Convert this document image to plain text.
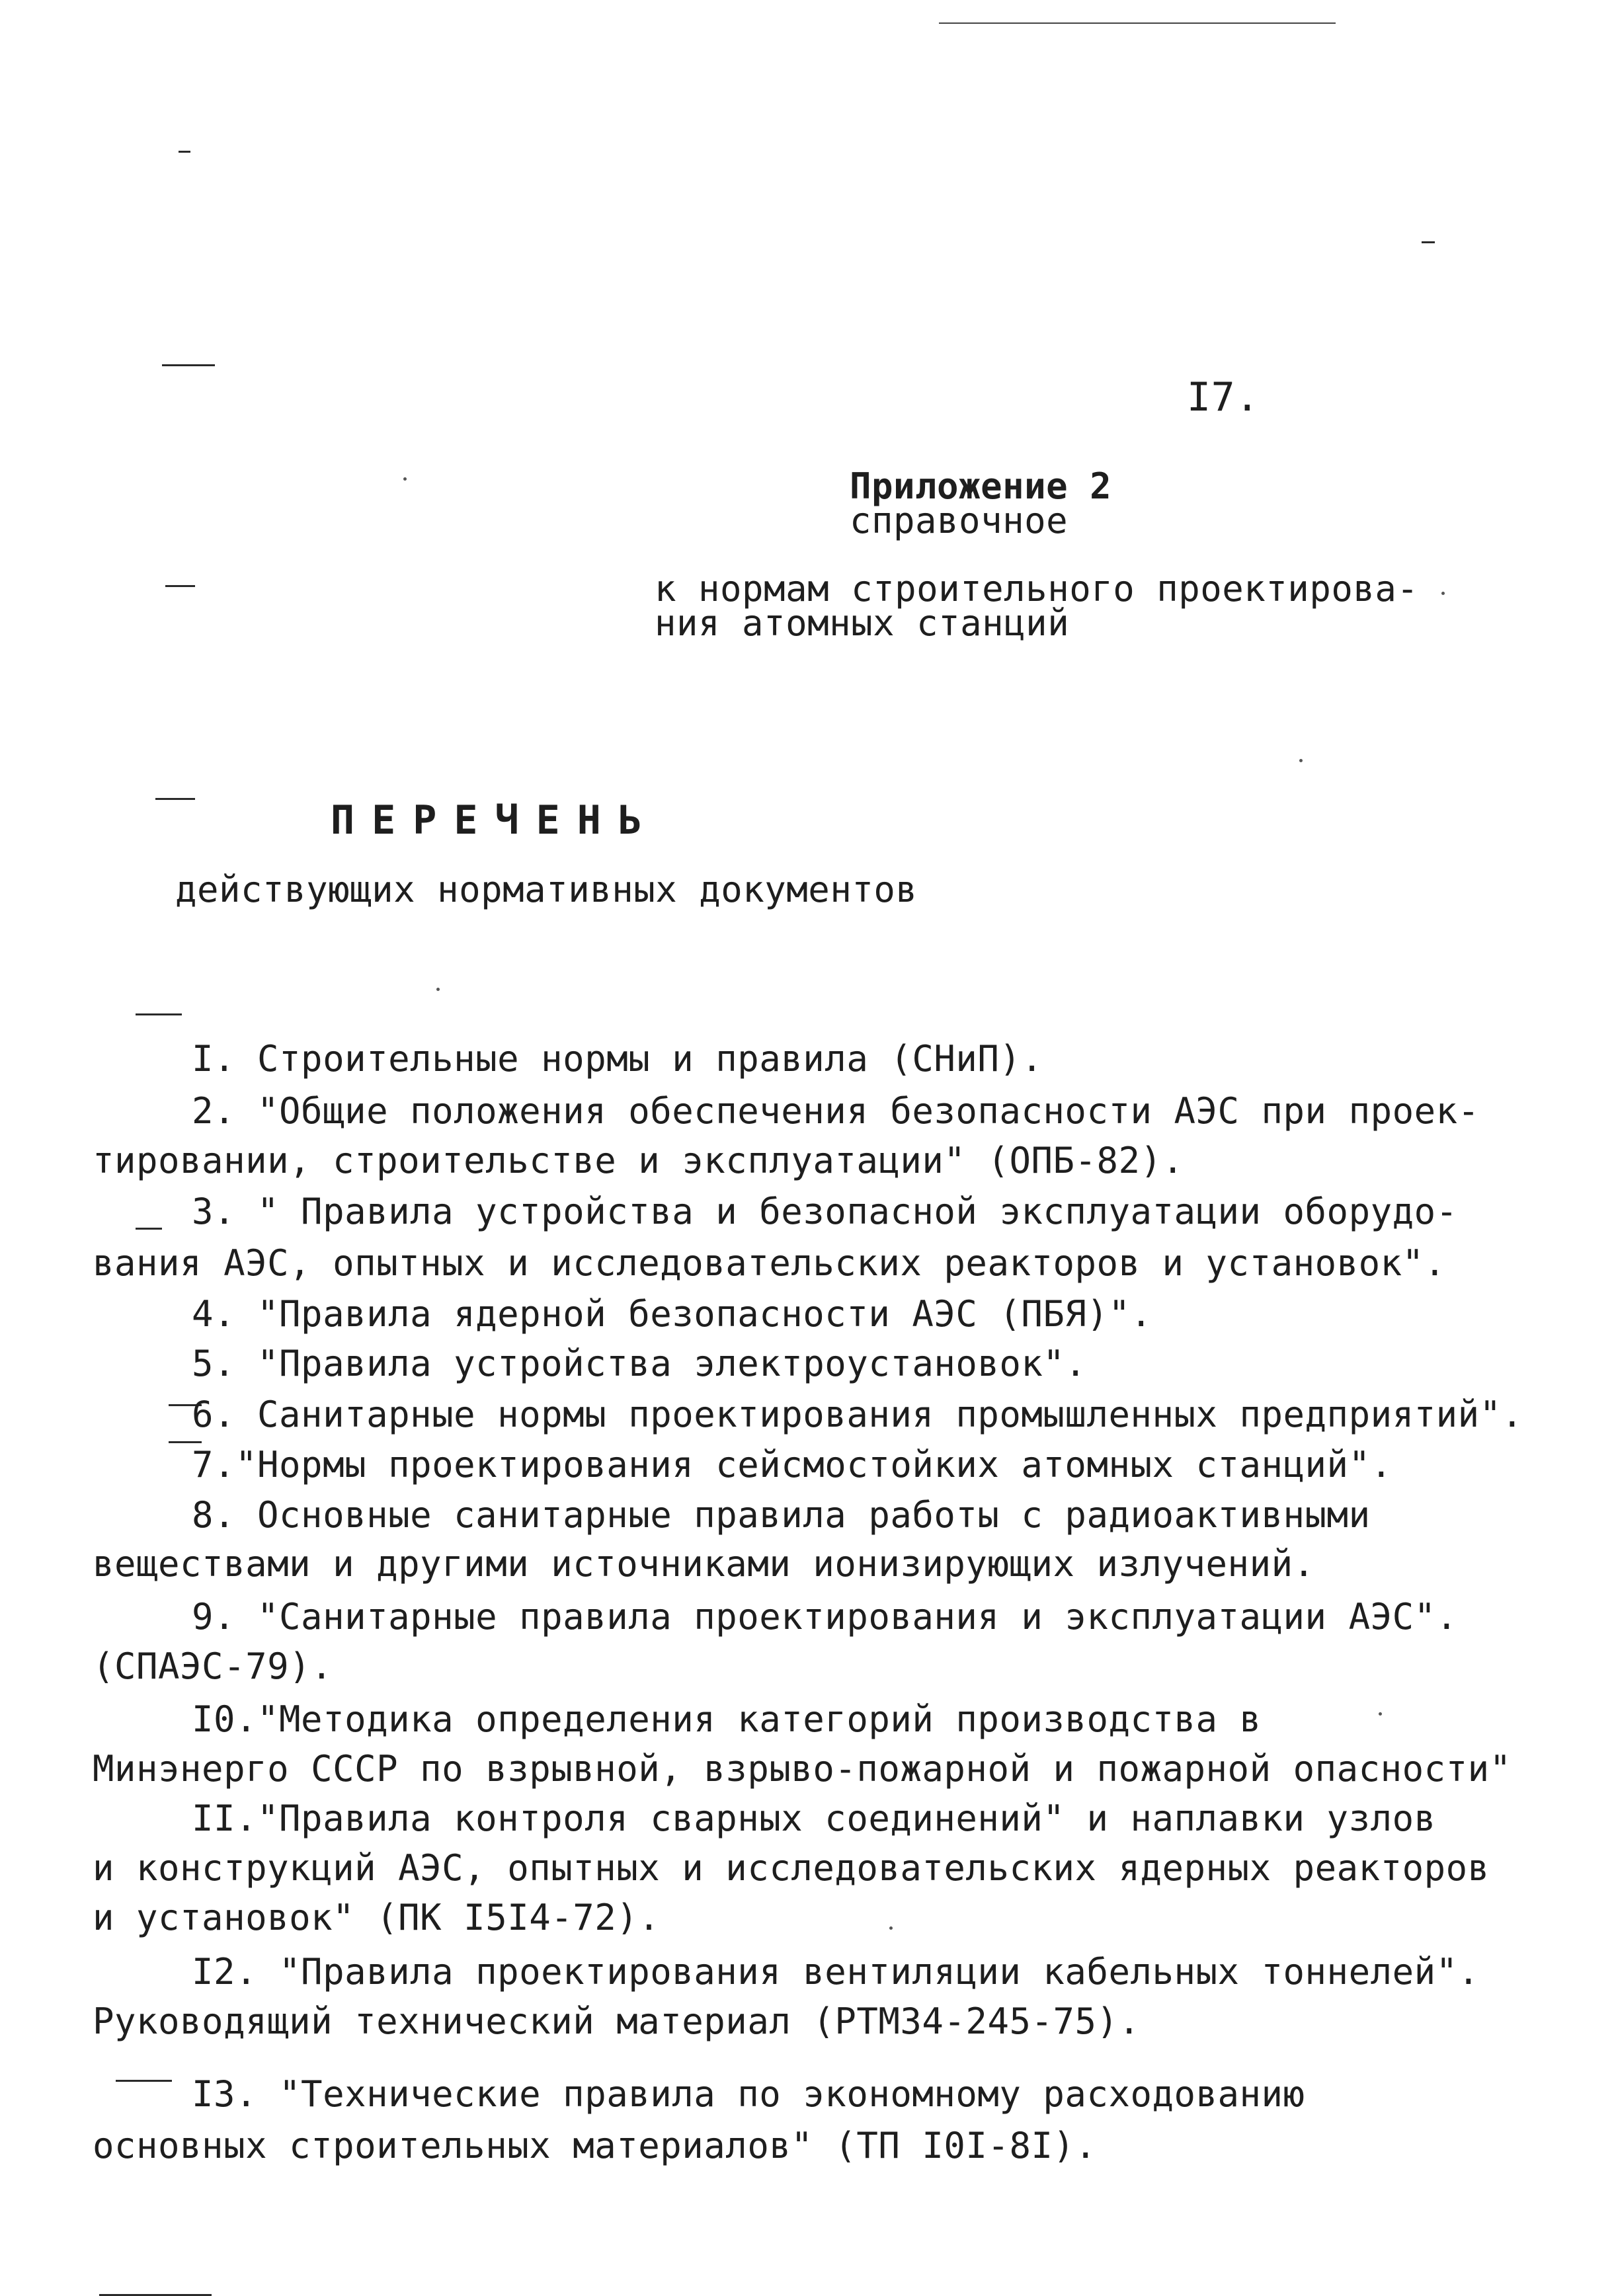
I7.
Приложение 2
справочное
к нормам строительного проектирова-
ния атомных станций
ПЕРЕЧЕНЬ
действующих нормативных документов
I. Строительные нормы и правила (СНиП).
2. "Общие положения обеспечения безопасности АЭС при проек-
тировании, строительстве и эксплуатации" (ОПБ-82).
3. " Правила устройства и безопасной эксплуатации оборудо-
вания АЭС, опытных и исследовательских реакторов и установок".
4. "Правила ядерной безопасности АЭС (ПБЯ)".
5. "Правила устройства электроустановок".
6. Санитарные нормы проектирования промышленных предприятий".
7."Нормы проектирования сейсмостойких атомных станций".
8. Основные санитарные правила работы с радиоактивными
веществами и другими источниками ионизирующих излучений.
9. "Санитарные правила проектирования и эксплуатации АЭС".
(СПАЭС-79).
I0."Методика определения категорий производства в
Минэнерго СССР по взрывной, взрыво-пожарной и пожарной опасности"
II."Правила контроля сварных соединений" и наплавки узлов
и конструкций АЭС, опытных и исследовательских ядерных реакторов
и установок" (ПК I5I4-72).
I2. "Правила проектирования вентиляции кабельных тоннелей".
Руководящий технический материал (РТМ34-245-75).
I3. "Технические правила по экономному расходованию
основных строительных материалов" (ТП I0I-8I).
